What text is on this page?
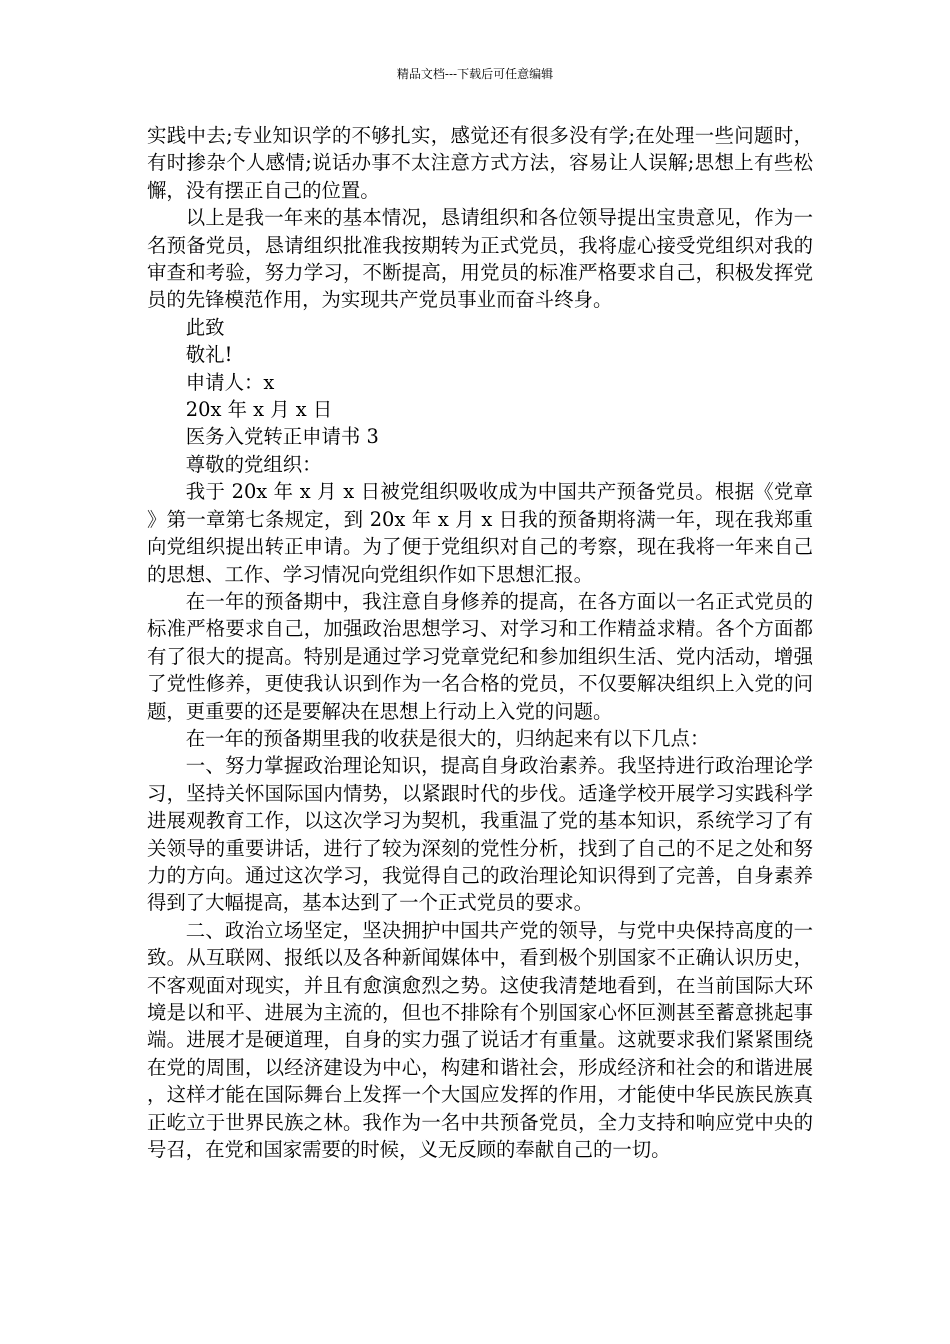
精品文档---下载后可任意编辑

实践中去;专业知识学的不够扎实，感觉还有很多没有学;在处理一些问题时，有时掺杂个人感情;说话办事不太注意方式方法，容易让人误解;思想上有些松懈，没有摆正自己的位置。

以上是我一年来的基本情况，恳请组织和各位领导提出宝贵意见，作为一名预备党员，恳请组织批准我按期转为正式党员，我将虚心接受党组织对我的审查和考验，努力学习，不断提高，用党员的标准严格要求自己，积极发挥党员的先锋模范作用，为实现共产党员事业而奋斗终身。

此致

敬礼!

申请人：x

20x 年 x 月 x 日

医务入党转正申请书 3

尊敬的党组织：

我于 20x 年 x 月 x 日被党组织吸收成为中国共产预备党员。根据《党章》第一章第七条规定，到 20x 年 x 月 x 日我的预备期将满一年，现在我郑重向党组织提出转正申请。为了便于党组织对自己的考察，现在我将一年来自己的思想、工作、学习情况向党组织作如下思想汇报。

在一年的预备期中，我注意自身修养的提高，在各方面以一名正式党员的标准严格要求自己，加强政治思想学习、对学习和工作精益求精。各个方面都有了很大的提高。特别是通过学习党章党纪和参加组织生活、党内活动，增强了党性修养，更使我认识到作为一名合格的党员，不仅要解决组织上入党的问题，更重要的还是要解决在思想上行动上入党的问题。

在一年的预备期里我的收获是很大的，归纳起来有以下几点：

一、努力掌握政治理论知识，提高自身政治素养。我坚持进行政治理论学习，坚持关怀国际国内情势，以紧跟时代的步伐。适逢学校开展学习实践科学进展观教育工作，以这次学习为契机，我重温了党的基本知识，系统学习了有关领导的重要讲话，进行了较为深刻的党性分析，找到了自己的不足之处和努力的方向。通过这次学习，我觉得自己的政治理论知识得到了完善，自身素养得到了大幅提高，基本达到了一个正式党员的要求。

二、政治立场坚定，坚决拥护中国共产党的领导，与党中央保持高度的一致。从互联网、报纸以及各种新闻媒体中，看到极个别国家不正确认识历史，不客观面对现实，并且有愈演愈烈之势。这使我清楚地看到，在当前国际大环境是以和平、进展为主流的，但也不排除有个别国家心怀叵测甚至蓄意挑起事端。进展才是硬道理，自身的实力强了说话才有重量。这就要求我们紧紧围绕在党的周围，以经济建设为中心，构建和谐社会，形成经济和社会的和谐进展，这样才能在国际舞台上发挥一个大国应发挥的作用，才能使中华民族民族真正屹立于世界民族之林。我作为一名中共预备党员，全力支持和响应党中央的号召，在党和国家需要的时候，义无反顾的奉献自己的一切。
